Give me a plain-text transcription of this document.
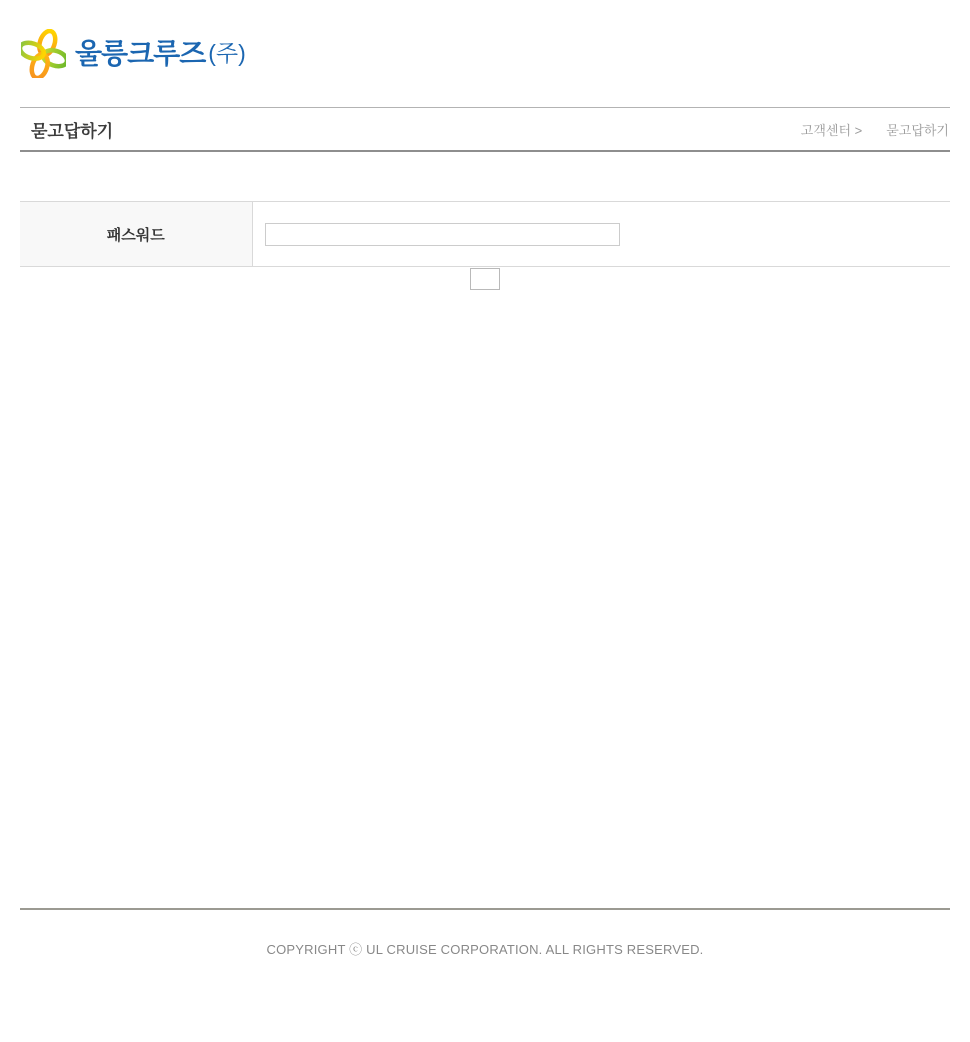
울릉크루즈 (주)
묻고답하기	고객센터 > 묻고답하기
패스워드	
COPYRIGHT ⓒ UL CRUISE CORPORATION. ALL RIGHTS RESERVED.
